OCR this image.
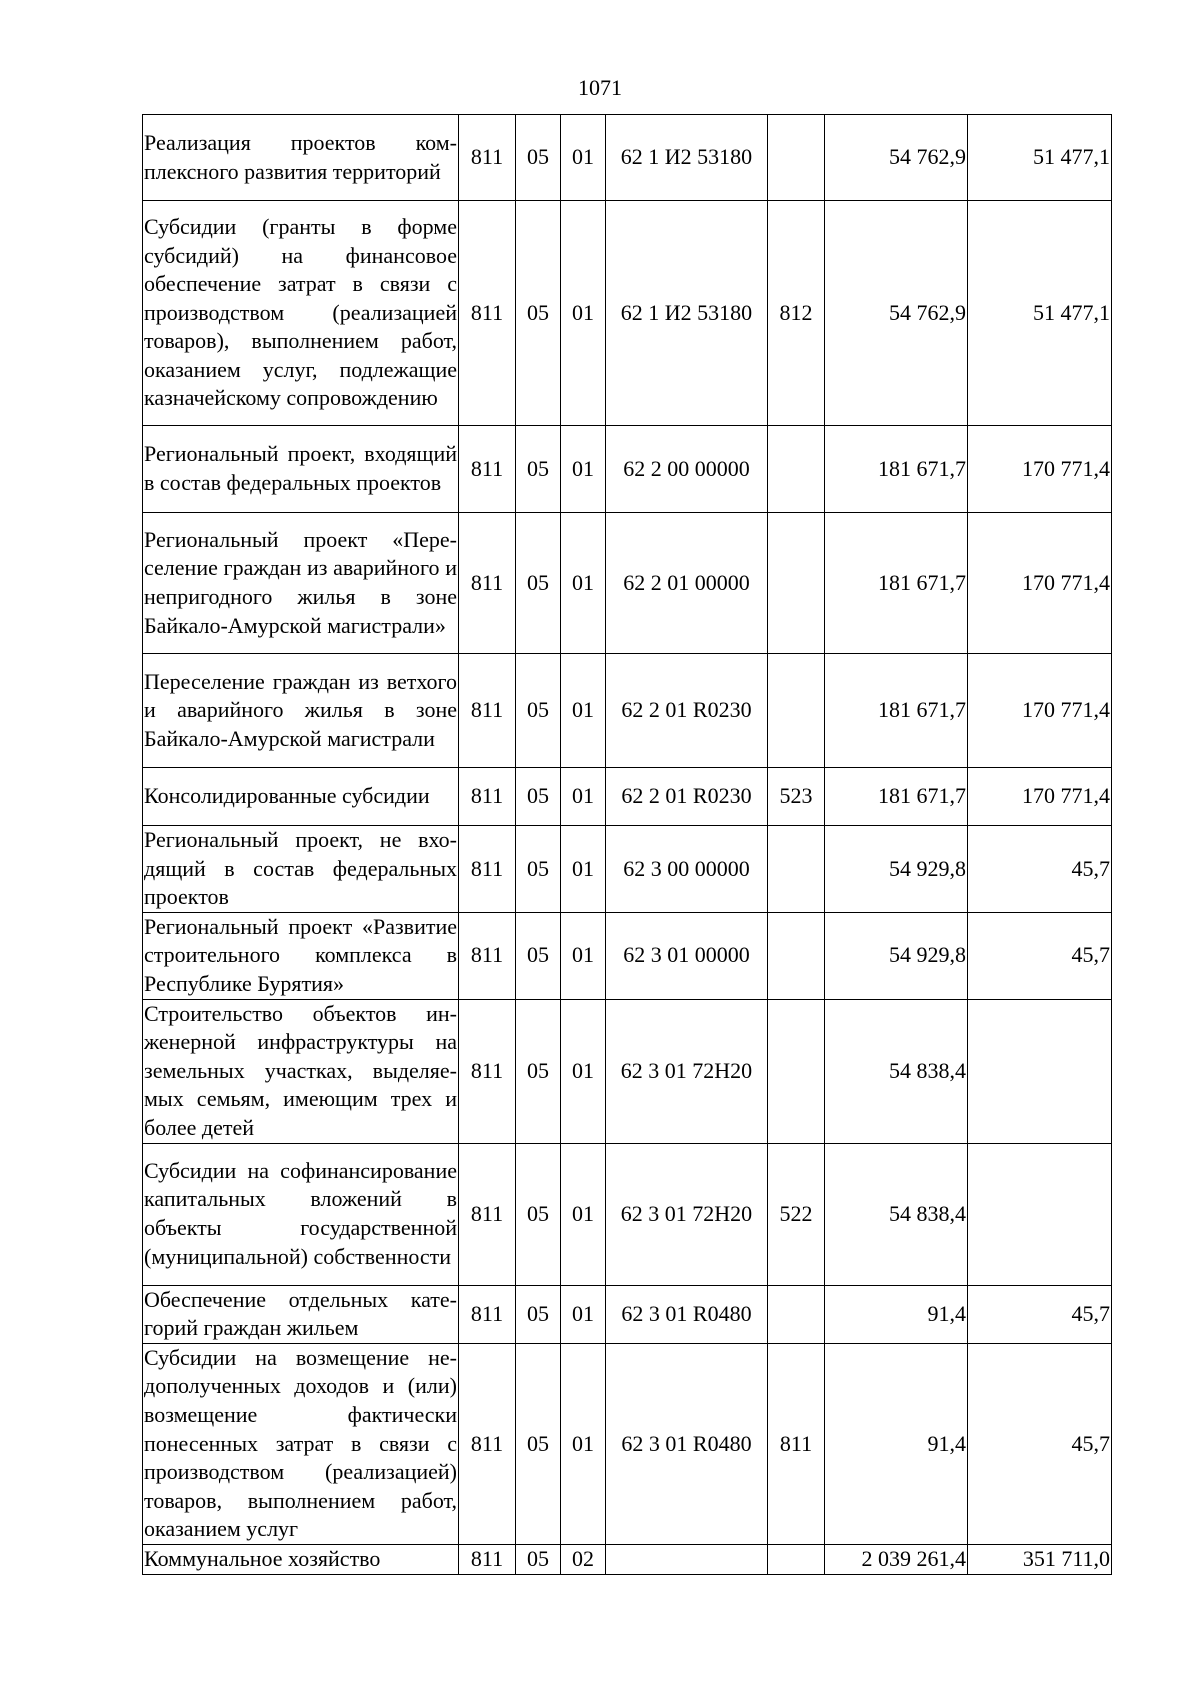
1071
Реализация проектов комплексного развития территорий	811	05	01	62 1 И2 53180		54 762,9	51 477,1
Субсидии (гранты в форме субсидий) на финансовое обеспечение затрат в связи с производством (реализацией товаров), выполнением работ, оказанием услуг, подлежащие казначейскому сопровождению	811	05	01	62 1 И2 53180	812	54 762,9	51 477,1
Региональный проект, входящий в состав федеральных проектов	811	05	01	62 2 00 00000		181 671,7	170 771,4
Региональный проект «Переселение граждан из аварийного и непригодного жилья в зоне Байкало-Амурской магистрали»	811	05	01	62 2 01 00000		181 671,7	170 771,4
Переселение граждан из ветхого и аварийного жилья в зоне Байкало-Амурской магистрали	811	05	01	62 2 01 R0230		181 671,7	170 771,4
Консолидированные субсидии	811	05	01	62 2 01 R0230	523	181 671,7	170 771,4
Региональный проект, не входящий в состав федеральных проектов	811	05	01	62 3 00 00000		54 929,8	45,7
Региональный проект «Развитие строительного комплекса в Республике Бурятия»	811	05	01	62 3 01 00000		54 929,8	45,7
Строительство объектов инженерной инфраструктуры на земельных участках, выделяемых семьям, имеющим трех и более детей	811	05	01	62 3 01 72Н20		54 838,4	
Субсидии на софинансирование капитальных вложений в объекты государственной (муниципальной) собственности	811	05	01	62 3 01 72Н20	522	54 838,4	
Обеспечение отдельных категорий граждан жильем	811	05	01	62 3 01 R0480		91,4	45,7
Субсидии на возмещение недополученных доходов и (или) возмещение фактически понесенных затрат в связи с производством (реализацией) товаров, выполнением работ, оказанием услуг	811	05	01	62 3 01 R0480	811	91,4	45,7
Коммунальное хозяйство	811	05	02			2 039 261,4	351 711,0
